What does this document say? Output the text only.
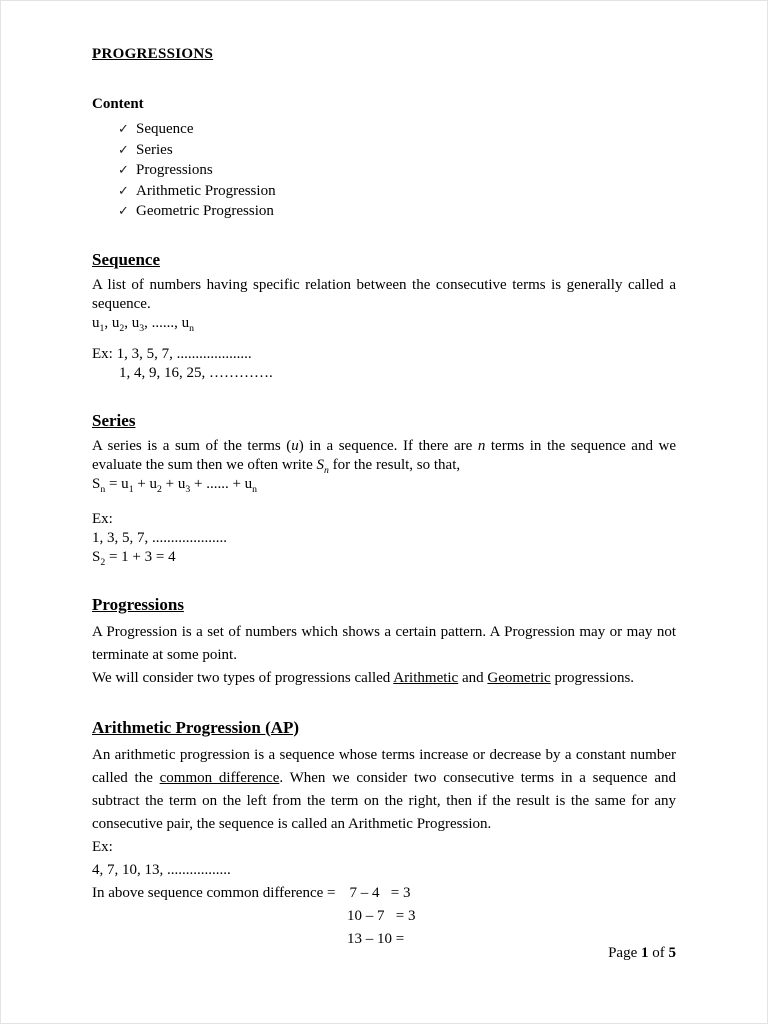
PROGRESSIONS

Content

✓ Sequence
✓ Series
✓ Progressions
✓ Arithmetic Progression
✓ Geometric Progression
Sequence

A list of numbers having specific relation between the consecutive terms is generally called a sequence.

$u_1$, $u_2$, $u_3$, ......, $u_n$

Ex: 1, 3, 5, 7, ....................

1, 4, 9, 16, 25, ………….

Series

A series is a sum of the terms (u) in a sequence. If there are n terms in the sequence and we evaluate the sum then we often write $S_n$ for the result, so that,

$S_n = u_1 + u_2 + u_3$ + ...... + $u_n$

Ex:

1, 3, 5, 7, ....................

$S_2 = 1 + 3 = 4$

Progressions

A Progression is a set of numbers which shows a certain pattern. A Progression may or may not terminate at some point.

We will consider two types of progressions called Arithmetic and Geometric progressions.

Arithmetic Progression (AP)

An arithmetic progression is a sequence whose terms increase or decrease by a constant number called the common difference. When we consider two consecutive terms in a sequence and subtract the term on the left from the term on the right, then if the result is the same for any consecutive pair, the sequence is called an Arithmetic Progression.

Ex:

4, 7, 10, 13, .................

In above sequence common difference = 7 – 4   = 3

10 – 7   = 3

13 – 10 =

Page 1 of 5
